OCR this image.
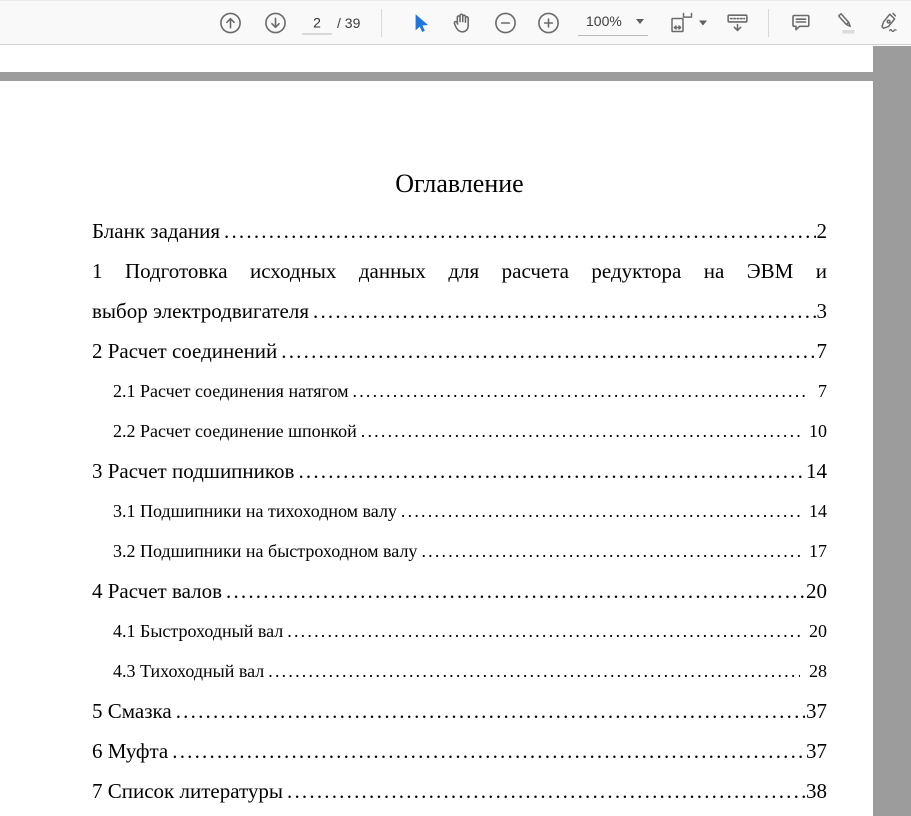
2
/ 39	100%
Оглавление
Бланк задания .....	2
1 Подготовка исходных данных для расчета редуктора на ЭВМ и
выбор электродвигателя .....	3
2 Расчет соединений .....	7
2.1 Расчет соединения натягом .....	7
2.2 Расчет соединение шпонкой .....	10
3 Расчет подшипников .....	14
3.1 Подшипники на тихоходном валу .....	14
3.2 Подшипники на быстроходном валу .....	17
4 Расчет валов .....	20
4.1 Быстроходный вал .....	20
4.3 Тихоходный вал .....	28
5 Смазка .....	37
6 Муфта .....	37
7 Список литературы .....	38
